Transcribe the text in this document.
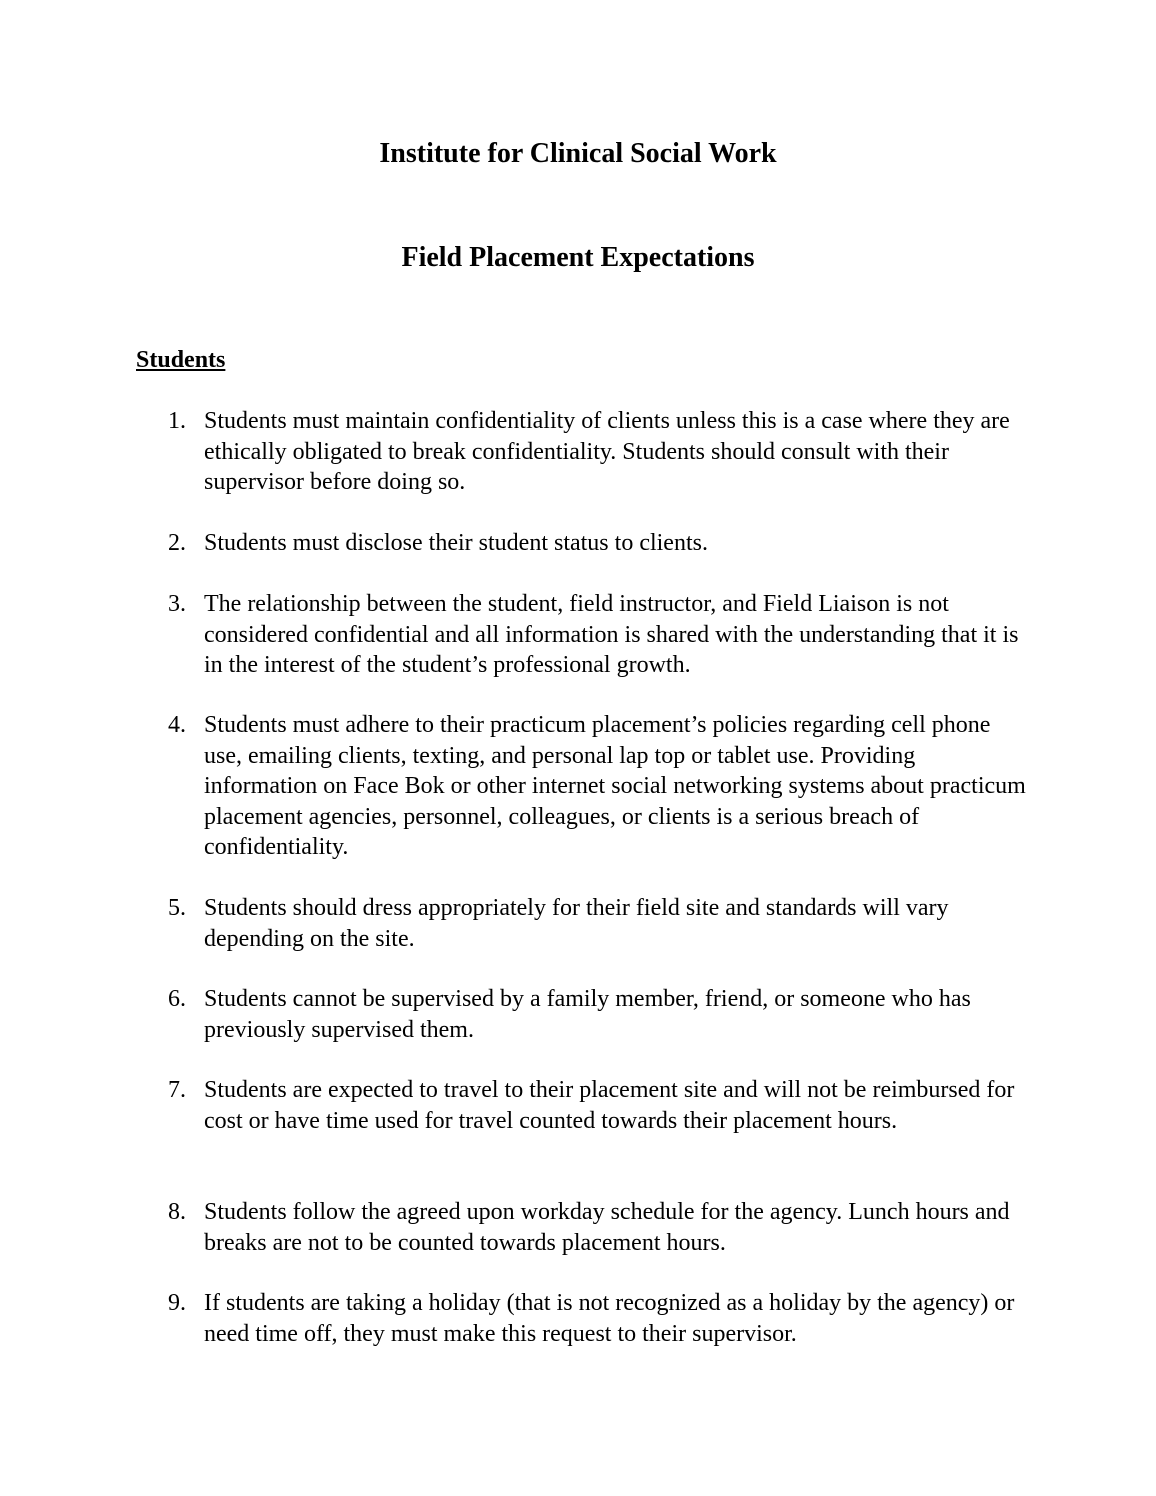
Institute for Clinical Social Work
Field Placement Expectations
Students
1. Students must maintain confidentiality of clients unless this is a case where they are ethically obligated to break confidentiality. Students should consult with their supervisor before doing so.
2. Students must disclose their student status to clients.
3. The relationship between the student, field instructor, and Field Liaison is not considered confidential and all information is shared with the understanding that it is in the interest of the student’s professional growth.
4. Students must adhere to their practicum placement’s policies regarding cell phone use, emailing clients, texting, and personal lap top or tablet use. Providing information on Face Bok or other internet social networking systems about practicum placement agencies, personnel, colleagues, or clients is a serious breach of confidentiality.
5. Students should dress appropriately for their field site and standards will vary depending on the site.
6. Students cannot be supervised by a family member, friend, or someone who has previously supervised them.
7. Students are expected to travel to their placement site and will not be reimbursed for cost or have time used for travel counted towards their placement hours.
8. Students follow the agreed upon workday schedule for the agency. Lunch hours and breaks are not to be counted towards placement hours.
9. If students are taking a holiday (that is not recognized as a holiday by the agency) or need time off, they must make this request to their supervisor.
